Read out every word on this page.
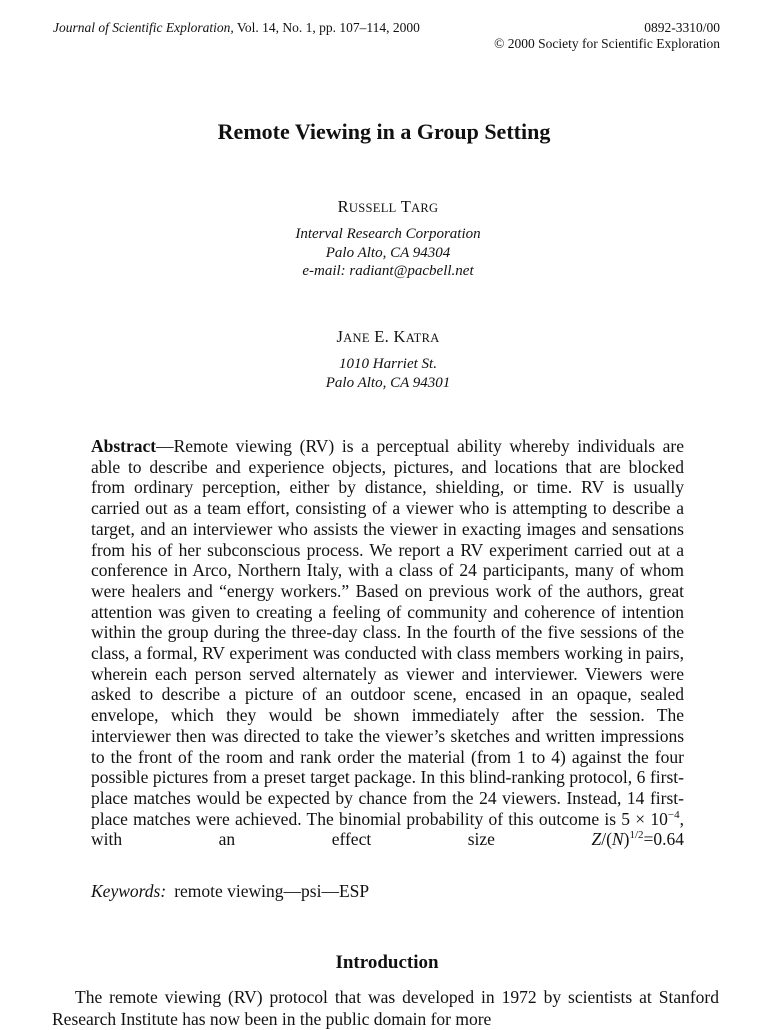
Journal of Scientific Exploration, Vol. 14, No. 1, pp. 107–114, 2000	0892-3310/00
© 2000 Society for Scientific Exploration
Remote Viewing in a Group Setting
RUSSELL TARG
Interval Research Corporation
Palo Alto, CA 94304
e-mail: radiant@pacbell.net
JANE E. KATRA
1010 Harriet St.
Palo Alto, CA 94301
Abstract—Remote viewing (RV) is a perceptual ability whereby individuals are able to describe and experience objects, pictures, and locations that are blocked from ordinary perception, either by distance, shielding, or time. RV is usually carried out as a team effort, consisting of a viewer who is attempting to describe a target, and an interviewer who assists the viewer in exacting images and sensations from his of her subconscious process. We report a RV experiment carried out at a conference in Arco, Northern Italy, with a class of 24 participants, many of whom were healers and “energy workers.” Based on previous work of the authors, great attention was given to creating a feeling of community and coherence of intention within the group during the three-day class. In the fourth of the five sessions of the class, a formal, RV experiment was conducted with class members working in pairs, wherein each person served alternately as viewer and interviewer. Viewers were asked to describe a picture of an outdoor scene, encased in an opaque, sealed envelope, which they would be shown immediately after the session. The interviewer then was directed to take the viewer’s sketches and written impressions to the front of the room and rank order the material (from 1 to 4) against the four possible pictures from a preset target package. In this blind-ranking protocol, 6 first-place matches would be expected by chance from the 24 viewers. Instead, 14 first-place matches were achieved. The binomial probability of this outcome is $5 \times 10^{-4}$, with an effect size $Z/(N)^{1/2}=0.64$
Keywords: remote viewing—psi—ESP
Introduction
The remote viewing (RV) protocol that was developed in 1972 by scientists at Stanford Research Institute has now been in the public domain for more
